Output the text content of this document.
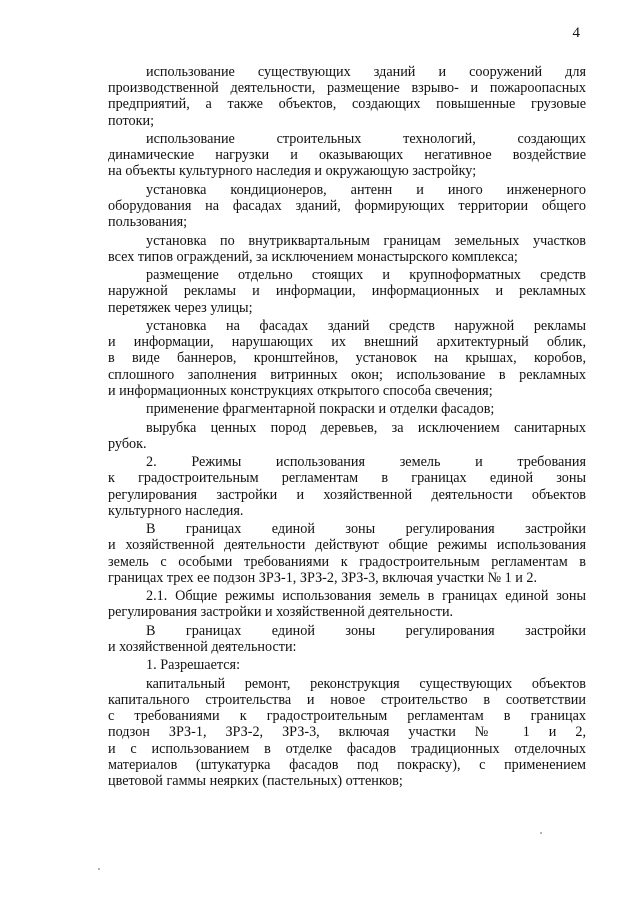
4
использование существующих зданий и сооружений для
производственной деятельности, размещение взрыво- и пожароопасных
предприятий, а также объектов, создающих повышенные грузовые
потоки;
использование строительных технологий, создающих
динамические нагрузки и оказывающих негативное воздействие
на объекты культурного наследия и окружающую застройку;
установка кондиционеров, антенн и иного инженерного
оборудования на фасадах зданий, формирующих территории общего
пользования;
установка по внутриквартальным границам земельных участков
всех типов ограждений, за исключением монастырского комплекса;
размещение отдельно стоящих и крупноформатных средств
наружной рекламы и информации, информационных и рекламных
перетяжек через улицы;
установка на фасадах зданий средств наружной рекламы
и информации, нарушающих их внешний архитектурный облик,
в виде баннеров, кронштейнов, установок на крышах, коробов,
сплошного заполнения витринных окон; использование в рекламных
и информационных конструкциях открытого способа свечения;
применение фрагментарной покраски и отделки фасадов;
вырубка ценных пород деревьев, за исключением санитарных
рубок.
2. Режимы использования земель и требования
к градостроительным регламентам в границах единой зоны
регулирования застройки и хозяйственной деятельности объектов
культурного наследия.
В границах единой зоны регулирования застройки
и хозяйственной деятельности действуют общие режимы использования
земель с особыми требованиями к градостроительным регламентам в
границах трех ее подзон ЗРЗ-1, ЗРЗ-2, ЗРЗ-3, включая участки № 1 и 2.
2.1. Общие режимы использования земель в границах единой зоны
регулирования застройки и хозяйственной деятельности.
В границах единой зоны регулирования застройки
и хозяйственной деятельности:
1. Разрешается:
капитальный ремонт, реконструкция существующих объектов
капитального строительства и новое строительство в соответствии
с требованиями к градостроительным регламентам в границах
подзон ЗРЗ-1, ЗРЗ-2, ЗРЗ-3, включая участки № 1 и 2,
и с использованием в отделке фасадов традиционных отделочных
материалов (штукатурка фасадов под покраску), с применением
цветовой гаммы неярких (пастельных) оттенков;
